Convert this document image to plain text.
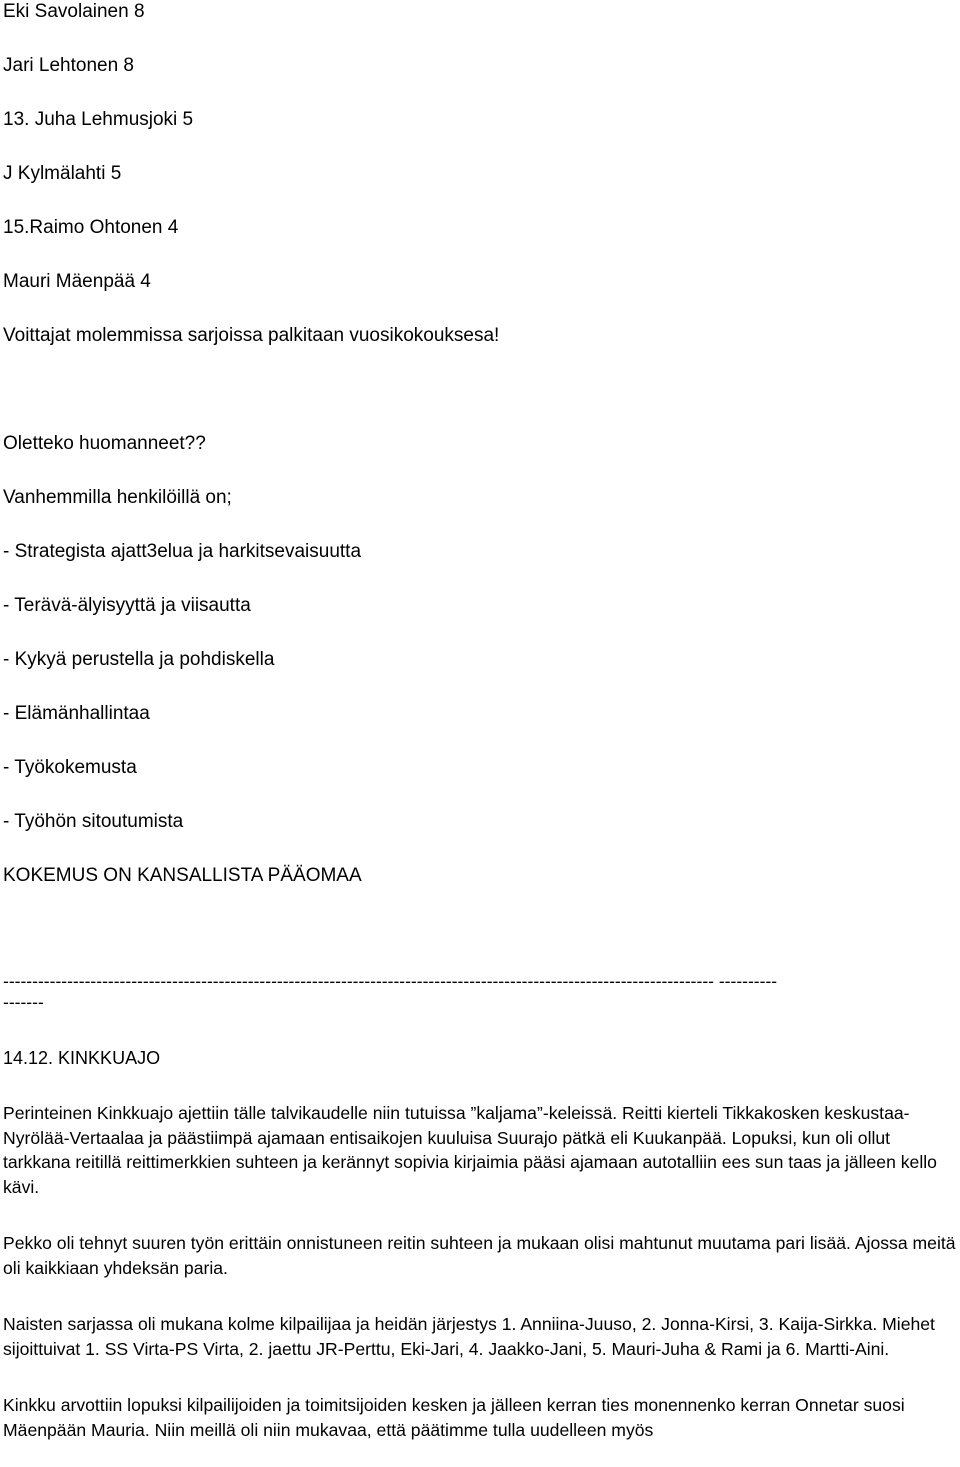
Eki Savolainen 8
Jari Lehtonen 8
13. Juha Lehmusjoki 5
J Kylmälahti 5
15.Raimo Ohtonen 4
Mauri Mäenpää 4
Voittajat molemmissa sarjoissa palkitaan vuosikokouksesa!
Oletteko huomanneet??
Vanhemmilla henkilöillä on;
- Strategista ajatt3elua ja harkitsevaisuutta
- Terävä-älyisyyttä ja viisautta
- Kykyä perustella ja pohdiskella
- Elämänhallintaa
- Työkokemusta
- Työhön sitoutumista
KOKEMUS ON KANSALLISTA PÄÄOMAA
-------------------------------------------------------------------------------------------------------------------------- ----------
-------
14.12. KINKKUAJO

Perinteinen Kinkkuajo ajettiin tälle talvikaudelle niin tutuissa ”kaljama”-keleissä. Reitti kierteli Tikkakosken keskustaa-Nyrölää-Vertaalaa ja päästiimpä ajamaan entisaikojen kuuluisa Suurajo pätkä eli Kuukanpää. Lopuksi, kun oli ollut tarkkana reitillä reittimerkkien suhteen ja kerännyt sopivia kirjaimia pääsi ajamaan autotalliin ees sun taas ja jälleen kello kävi.

Pekko oli tehnyt suuren työn erittäin onnistuneen reitin suhteen ja mukaan olisi mahtunut muutama pari lisää. Ajossa meitä oli kaikkiaan yhdeksän paria.

Naisten sarjassa oli mukana kolme kilpailijaa ja heidän järjestys 1. Anniina-Juuso, 2. Jonna-Kirsi, 3. Kaija-Sirkka. Miehet sijoittuivat 1. SS Virta-PS Virta, 2. jaettu JR-Perttu, Eki-Jari, 4. Jaakko-Jani, 5. Mauri-Juha & Rami ja 6. Martti-Aini.

Kinkku arvottiin lopuksi kilpailijoiden ja toimitsijoiden kesken ja jälleen kerran ties monennenko kerran Onnetar suosi Mäenpään Mauria. Niin meillä oli niin mukavaa, että päätimme tulla uudelleen myös
